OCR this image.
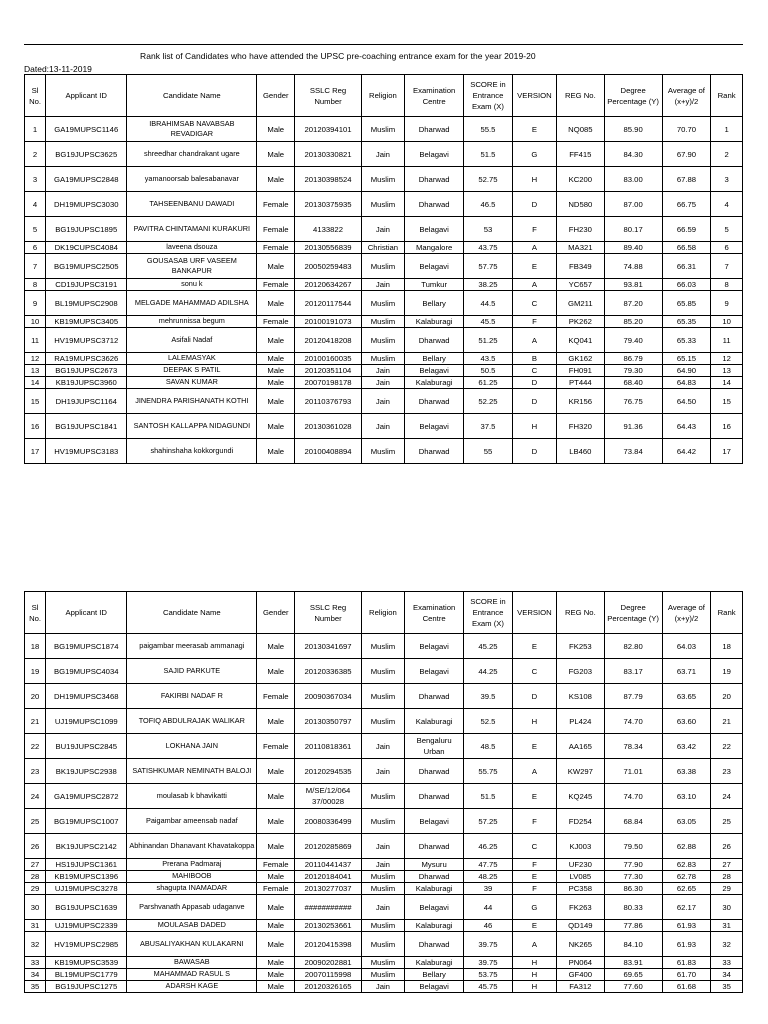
Rank list of Candidates who have attended the UPSC pre-coaching entrance exam for the year 2019-20
Dated:13-11-2019
Sl No.	Applicant ID	Candidate Name	Gender	SSLC Reg Number	Religion	Examination Centre	SCORE in Entrance Exam (X)	VERSION	REG No.	Degree Percentage (Y)	Average of (x+y)/2	Rank
1	GA19MUPSC1146	IBRAHIMSAB NAVABSAB REVADIGAR	Male	20120394101	Muslim	Dharwad	55.5	E	NQ085	85.90	70.70	1
2	BG19JUPSC3625	shreedhar chandrakant ugare	Male	20130330821	Jain	Belagavi	51.5	G	FF415	84.30	67.90	2
3	GA19MUPSC2848	yamanoorsab balesabanavar	Male	20130398524	Muslim	Dharwad	52.75	H	KC200	83.00	67.88	3
4	DH19MUPSC3030	TAHSEENBANU DAWADI	Female	20130375935	Muslim	Dharwad	46.5	D	ND580	87.00	66.75	4
5	BG19JUPSC1895	PAVITRA CHINTAMANI KURAKURI	Female	4133822	Jain	Belagavi	53	F	FH230	80.17	66.59	5
6	DK19CUPSC4084	laveena dsouza	Female	20130556839	Christian	Mangalore	43.75	A	MA321	89.40	66.58	6
7	BG19MUPSC2505	GOUSASAB URF VASEEM BANKAPUR	Male	20050259483	Muslim	Belagavi	57.75	E	FB349	74.88	66.31	7
8	CD19JUPSC3191	sonu k	Female	20120634267	Jain	Tumkur	38.25	A	YC657	93.81	66.03	8
9	BL19MUPSC2908	MELGADE MAHAMMAD ADILSHA	Male	20120117544	Muslim	Bellary	44.5	C	GM211	87.20	65.85	9
10	KB19MUPSC3405	mehrunnissa begum	Female	20100191073	Muslim	Kalaburagi	45.5	F	PK262	85.20	65.35	10
11	HV19MUPSC3712	Asifali Nadaf	Male	20120418208	Muslim	Dharwad	51.25	A	KQ041	79.40	65.33	11
12	RA19MUPSC3626	LALEMASYAK	Male	20100160035	Muslim	Bellary	43.5	B	GK162	86.79	65.15	12
13	BG19JUPSC2673	DEEPAK S PATIL	Male	20120351104	Jain	Belagavi	50.5	C	FH091	79.30	64.90	13
14	KB19JUPSC3960	SAVAN KUMAR	Male	20070198178	Jain	Kalaburagi	61.25	D	PT444	68.40	64.83	14
15	DH19JUPSC1164	JINENDRA PARISHANATH KOTHI	Male	20110376793	Jain	Dharwad	52.25	D	KR156	76.75	64.50	15
16	BG19JUPSC1841	SANTOSH KALLAPPA NIDAGUNDI	Male	20130361028	Jain	Belagavi	37.5	H	FH320	91.36	64.43	16
17	HV19MUPSC3183	shahinshaha kokkorgundi	Male	20100408894	Muslim	Dharwad	55	D	LB460	73.84	64.42	17
Sl No.	Applicant ID	Candidate Name	Gender	SSLC Reg Number	Religion	Examination Centre	SCORE in Entrance Exam (X)	VERSION	REG No.	Degree Percentage (Y)	Average of (x+y)/2	Rank
18	BG19MUPSC1874	paigambar meerasab ammanagi	Male	20130341697	Muslim	Belagavi	45.25	E	FK253	82.80	64.03	18
19	BG19MUPSC4034	SAJID PARKUTE	Male	20120336385	Muslim	Belagavi	44.25	C	FG203	83.17	63.71	19
20	DH19MUPSC3468	FAKIRBI NADAF R	Female	20090367034	Muslim	Dharwad	39.5	D	KS108	87.79	63.65	20
21	UJ19MUPSC1099	TOFIQ ABDULRAJAK WALIKAR	Male	20130350797	Muslim	Kalaburagi	52.5	H	PL424	74.70	63.60	21
22	BU19JUPSC2845	LOKHANA JAIN	Female	20110818361	Jain	Bengaluru Urban	48.5	E	AA165	78.34	63.42	22
23	BK19JUPSC2938	SATISHKUMAR NEMINATH BALOJI	Male	20120294535	Jain	Dharwad	55.75	A	KW297	71.01	63.38	23
24	GA19MUPSC2872	moulasab k bhavikatti	Male	M/SE/12/064 37/00028	Muslim	Dharwad	51.5	E	KQ245	74.70	63.10	24
25	BG19MUPSC1007	Paigambar ameensab nadaf	Male	20080336499	Muslim	Belagavi	57.25	F	FD254	68.84	63.05	25
26	BK19JUPSC2142	Abhinandan Dhanavant Khavatakoppa	Male	20120285869	Jain	Dharwad	46.25	C	KJ003	79.50	62.88	26
27	HS19JUPSC1361	Prerana Padmaraj	Female	20110441437	Jain	Mysuru	47.75	F	UF230	77.90	62.83	27
28	KB19MUPSC1396	MAHIBOOB	Male	20120184041	Muslim	Dharwad	48.25	E	LV085	77.30	62.78	28
29	UJ19MUPSC3278	shagupta INAMADAR	Female	20130277037	Muslim	Kalaburagi	39	F	PC358	86.30	62.65	29
30	BG19JUPSC1639	Parshvanath Appasab udaganve	Male	###########	Jain	Belagavi	44	G	FK263	80.33	62.17	30
31	UJ19MUPSC2339	MOULASAB DADED	Male	20130253661	Muslim	Kalaburagi	46	E	QD149	77.86	61.93	31
32	HV19MUPSC2985	ABUSALIYAKHAN KULAKARNI	Male	20120415398	Muslim	Dharwad	39.75	A	NK265	84.10	61.93	32
33	KB19MUPSC3539	BAWASAB	Male	20090202881	Muslim	Kalaburagi	39.75	H	PN064	83.91	61.83	33
34	BL19MUPSC1779	MAHAMMAD RASUL S	Male	20070115998	Muslim	Bellary	53.75	H	GF400	69.65	61.70	34
35	BG19JUPSC1275	ADARSH KAGE	Male	20120326165	Jain	Belagavi	45.75	H	FA312	77.60	61.68	35
